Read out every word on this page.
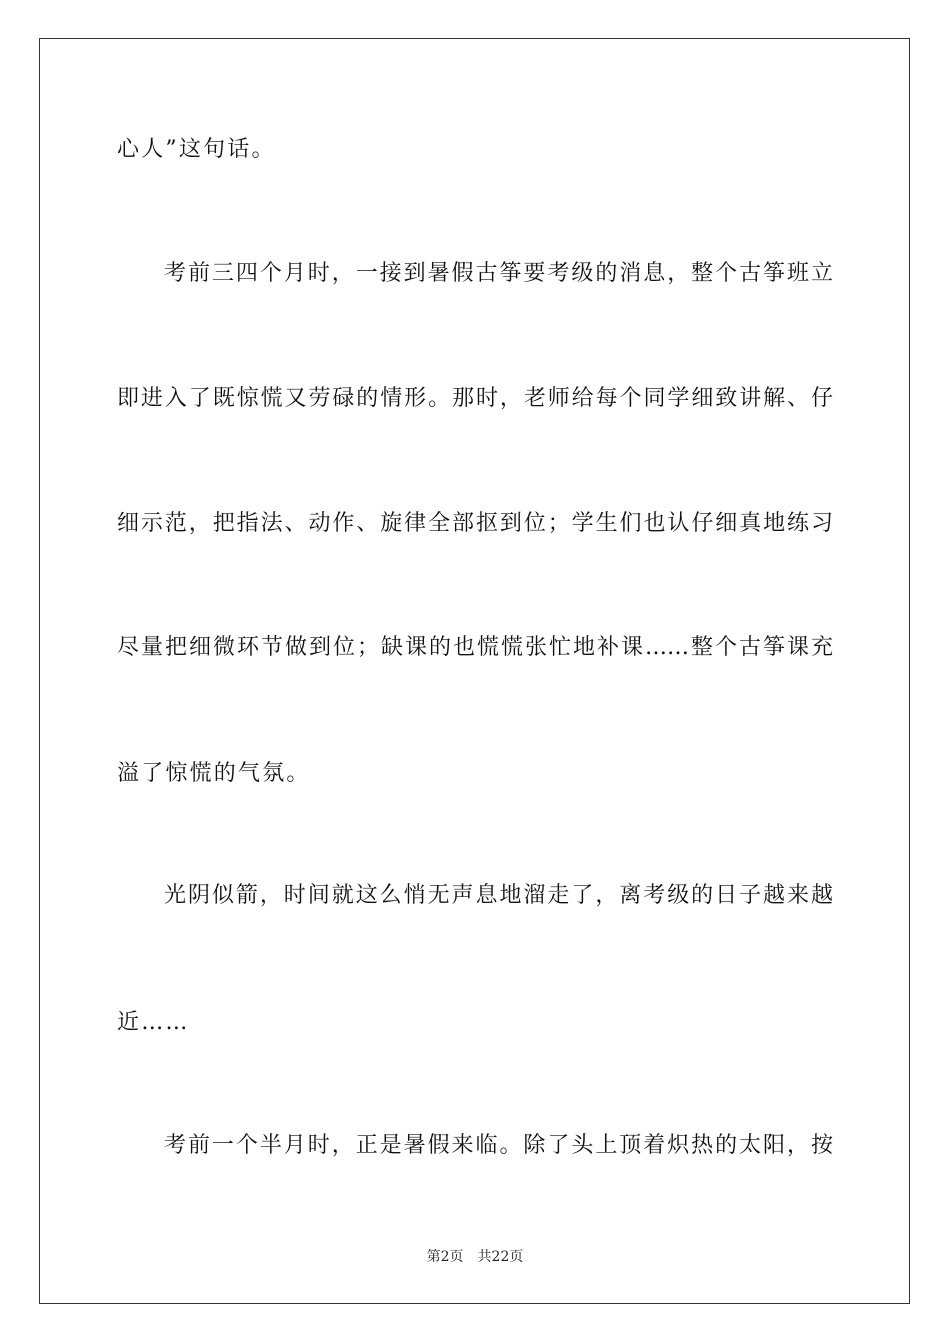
心人”这句话。
考前三四个月时，一接到暑假古筝要考级的消息，整个古筝班立
即进入了既惊慌又劳碌的情形。那时，老师给每个同学细致讲解、仔
细示范，把指法、动作、旋律全部抠到位；学生们也认仔细真地练习
尽量把细微环节做到位；缺课的也慌慌张忙地补课……整个古筝课充
溢了惊慌的气氛。
光阴似箭，时间就这么悄无声息地溜走了，离考级的日子越来越
近……
考前一个半月时，正是暑假来临。除了头上顶着炽热的太阳，按
第2页 共22页
